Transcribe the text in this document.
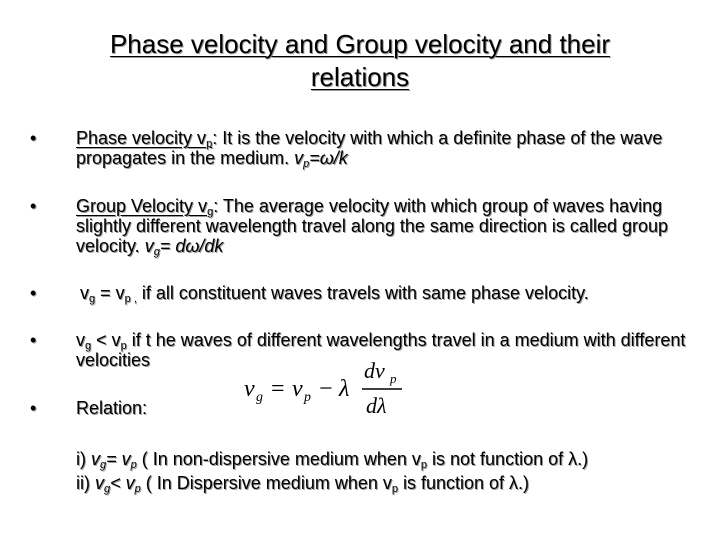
Phase velocity and Group velocity and their
relations
•	Phase velocity $v_p$: It is the velocity with which a definite phase of the wave propagates in the medium. $v_p=\omega/k$
•	Group Velocity $v_g$: The average velocity with which group of waves having slightly different wavelength travel along the same direction is called group velocity. $v_g= d\omega/dk$
•	$v_g = v_{p ,}$ if all constituent waves travels with same phase velocity.
•	$v_g < v_p$ if t he waves of different wavelengths travel in a medium with different velocities
•	Relation:
v g = v p − λ
dv p
dλ
i) $v_g= v_p$ ( In non-dispersive medium when $v_p$ is not function of λ.)
ii) $v_g< v_p$ ( In Dispersive medium when $v_p$ is function of λ.)
